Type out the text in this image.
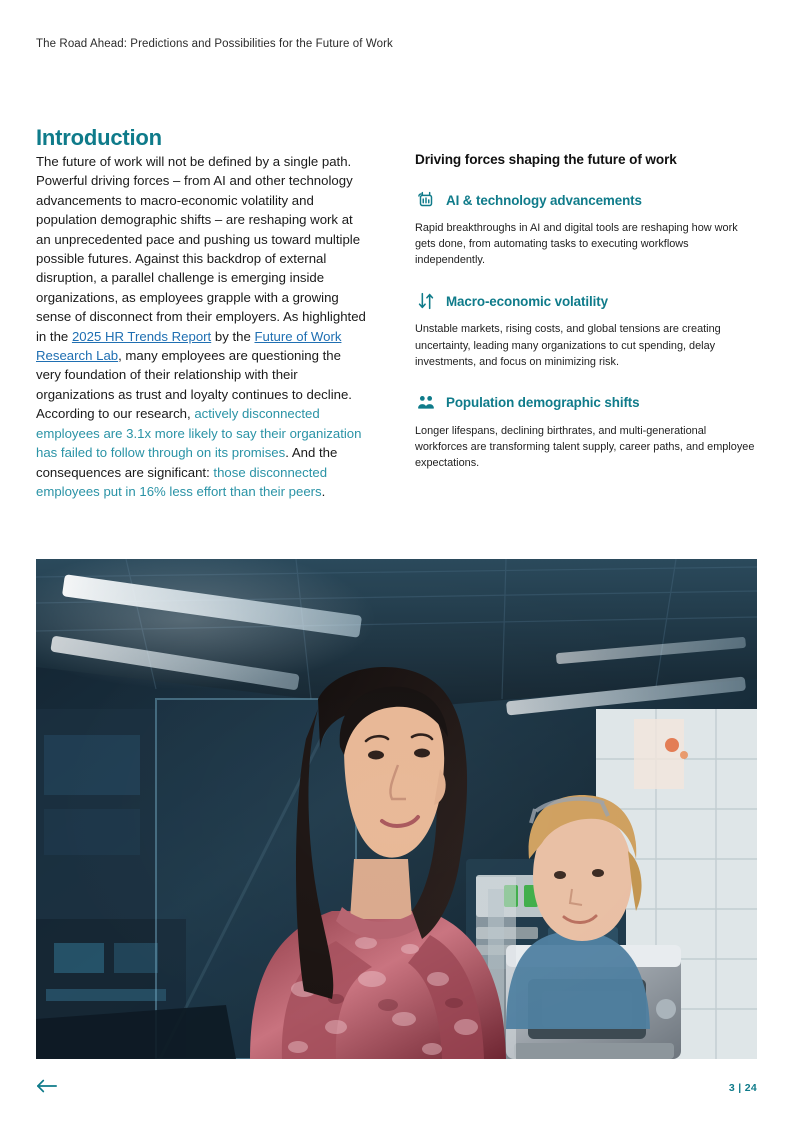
The Road Ahead: Predictions and Possibilities for the Future of Work
Introduction

The future of work will not be defined by a single path. Powerful driving forces – from AI and other technology advancements to macro-economic volatility and population demographic shifts – are reshaping work at an unprecedented pace and pushing us toward multiple possible futures. Against this backdrop of external disruption, a parallel challenge is emerging inside organizations, as employees grapple with a growing sense of disconnect from their employers. As highlighted in the 2025 HR Trends Report by the Future of Work Research Lab, many employees are questioning the very foundation of their relationship with their organizations as trust and loyalty continues to decline. According to our research, actively disconnected employees are 3.1x more likely to say their organization has failed to follow through on its promises. And the consequences are significant: those disconnected employees put in 16% less effort than their peers.

Driving forces shaping the future of work
AI & technology advancements

Rapid breakthroughs in AI and digital tools are reshaping how work gets done, from automating tasks to executing workflows independently.

Macro-economic volatility

Unstable markets, rising costs, and global tensions are creating uncertainty, leading many organizations to cut spending, delay investments, and focus on minimizing risk.

Population demographic shifts

Longer lifespans, declining birthrates, and multi-generational workforces are transforming talent supply, career paths, and employee expectations.

3 | 24
